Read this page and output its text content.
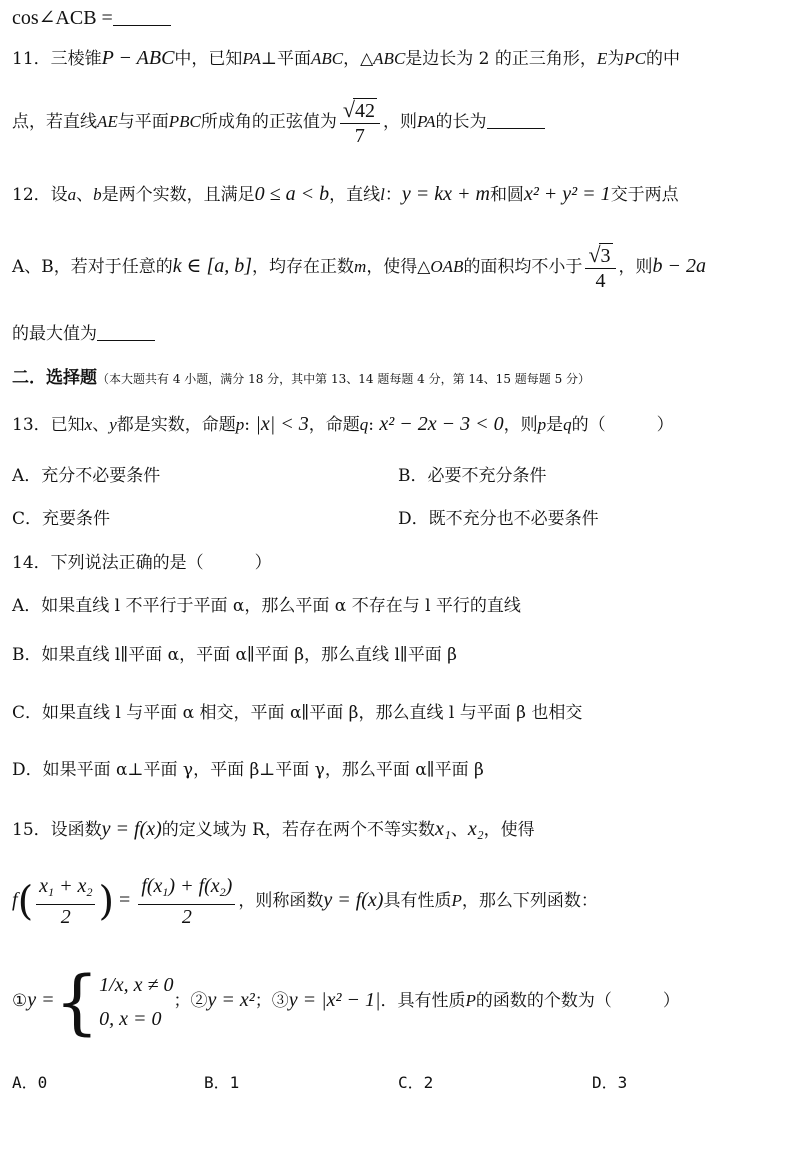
cos∠ACB =
11．三棱锥P − ABC中，已知PA⊥平面ABC，△ABC是边长为 2 的正三角形，E为PC的中
点，若直线AE与平面PBC所成角的正弦值为 $\frac{√42}{7}$ ，则PA的长为
12．设a、b是两个实数，且满足0 ≤ a < b，直线l：y = kx + m和圆x² + y² = 1交于两点
A、B，若对于任意的k ∈ [a, b]，均存在正数m，使得△OAB的面积均不小于 $\frac{√3}{4}$ ，则b − 2a
的最大值为
二．选择题（本大题共有 4 小题，满分 18 分，其中第 13、14 题每题 4 分，第 14、15 题每题 5 分）
13．已知x、y都是实数，命题p: |x| < 3，命题q: x² − 2x − 3 < 0，则p是q的（　　　）
A．充分不必要条件	B．必要不充分条件
C．充要条件	D．既不充分也不必要条件
14．下列说法正确的是（　　　）
A．如果直线 l 不平行于平面 α，那么平面 α 不存在与 l 平行的直线
B．如果直线 l∥平面 α，平面 α∥平面 β，那么直线 l∥平面 β
C．如果直线 l 与平面 α 相交，平面 α∥平面 β，那么直线 l 与平面 β 也相交
D．如果平面 α⊥平面 γ，平面 β⊥平面 γ，那么平面 α∥平面 β
15．设函数y = f(x)的定义域为 R，若存在两个不等实数x₁、x₂，使得
$f( \frac{x_1 + x_2}{2}$ ) = $\frac{f(x_1) + f(x_2)}{2}$ ，则称函数y = f(x)具有性质P，那么下列函数：
①y ={ 1/x, x ≠ 0
0, x = 0
；②y = x²；③y = |x² − 1|．具有性质P的函数的个数为（　　　）
A．0	B．1	C．2	D．3
